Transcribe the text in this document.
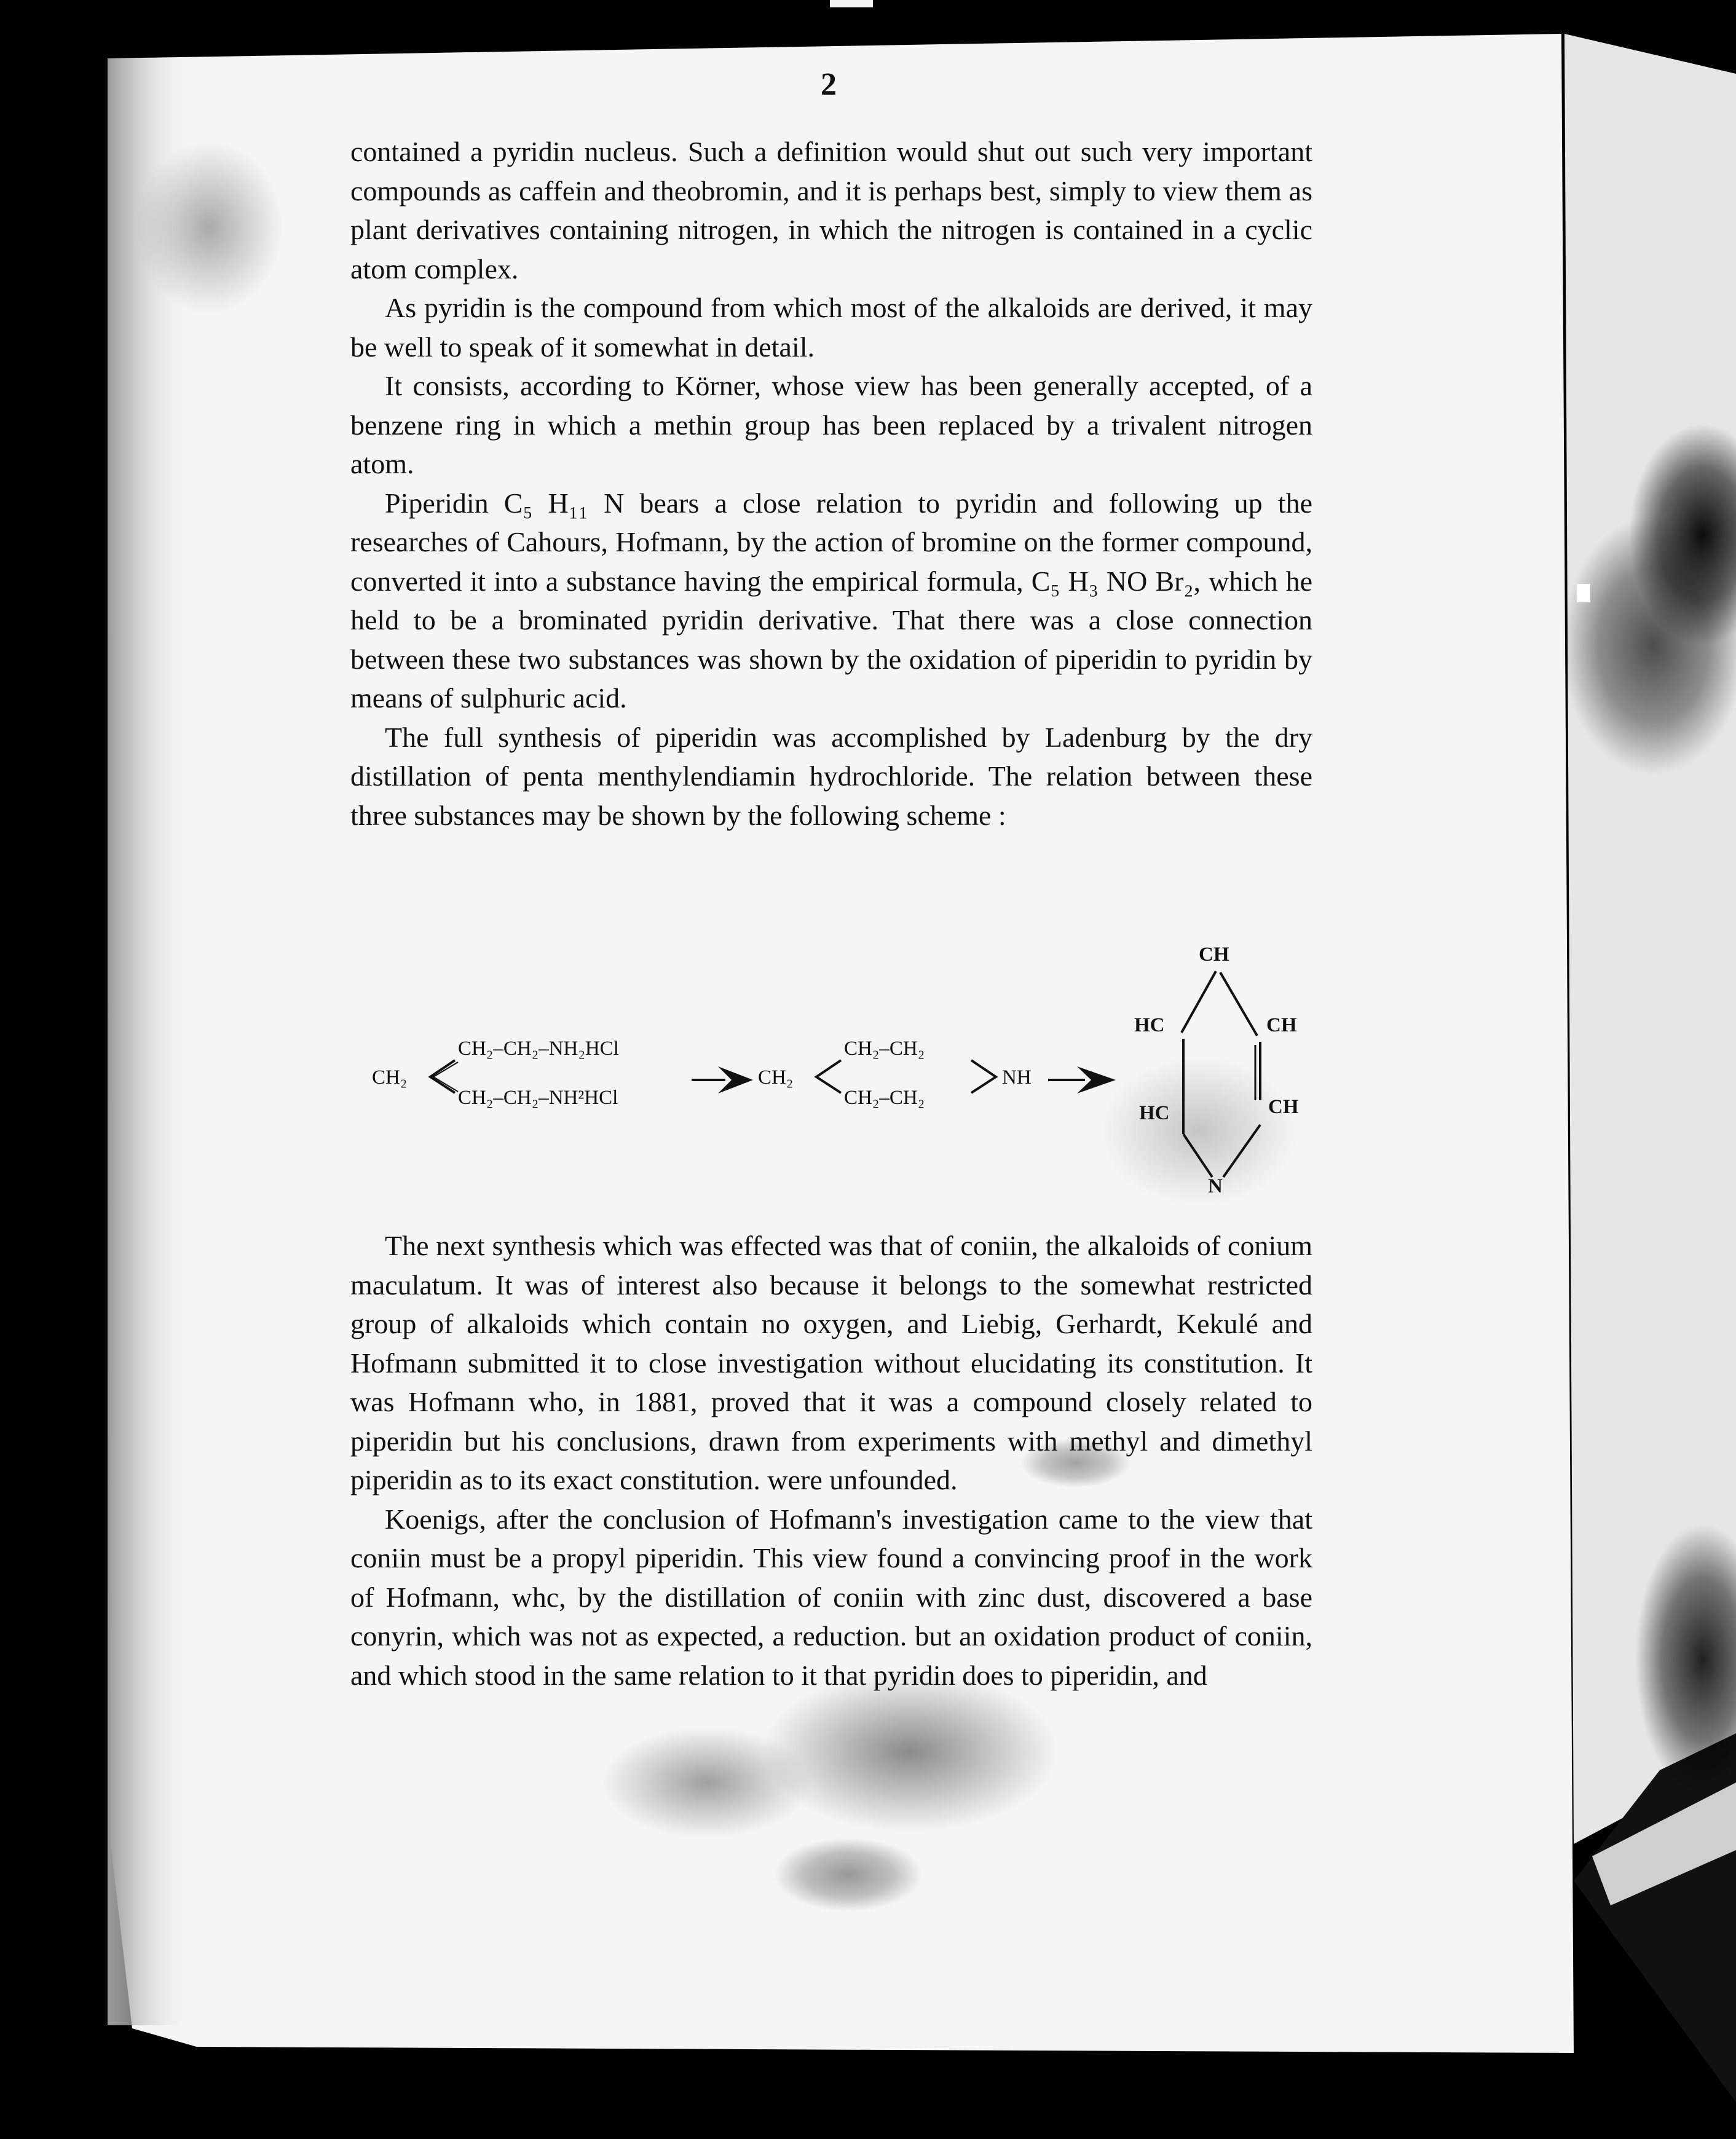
2

contained a pyridin nucleus. Such a definition would shut out such very important compounds as caffein and theobromin, and it is perhaps best, simply to view them as plant derivatives containing nitrogen, in which the nitrogen is contained in a cyclic atom complex.

As pyridin is the compound from which most of the alkaloids are derived, it may be well to speak of it somewhat in detail.

It consists, according to Körner, whose view has been generally accepted, of a benzene ring in which a methin group has been replaced by a trivalent nitrogen atom.

Piperidin C₅ H₁₁ N bears a close relation to pyridin and following up the researches of Cahours, Hofmann, by the action of bromine on the former compound, converted it into a substance having the empirical formula, C₅ H₃ NO Br₂, which he held to be a brominated pyridin derivative. That there was a close connection between these two substances was shown by the oxidation of piperidin to pyridin by means of sulphuric acid.

The full synthesis of piperidin was accomplished by Ladenburg by the dry distillation of penta menthylendiamin hydrochloride. The relation between these three substances may be shown by the following scheme :

The next synthesis which was effected was that of coniin, the alkaloids of conium maculatum. It was of interest also because it belongs to the somewhat restricted group of alkaloids which contain no oxygen, and Liebig, Gerhardt, Kekulé and Hofmann submitted it to close investigation without elucidating its constitution. It was Hofmann who, in 1881, proved that it was a compound closely related to piperidin but his conclusions, drawn from experiments with methyl and dimethyl piperidin as to its exact constitution. were unfounded.

Koenigs, after the conclusion of Hofmann's investigation came to the view that coniin must be a propyl piperidin. This view found a convincing proof in the work of Hofmann, whc, by the distillation of coniin with zinc dust, discovered a base conyrin, which was not as expected, a reduction. but an oxidation product of coniin, and which stood in the same relation to it that pyridin does to piperidin, and

CH₂
CH₂–CH₂–NH₂HCl
CH₂–CH₂–NH²HCl
CH₂
CH₂–CH₂
CH₂–CH₂
NH
CH
HC	CH
HC	CH
N
